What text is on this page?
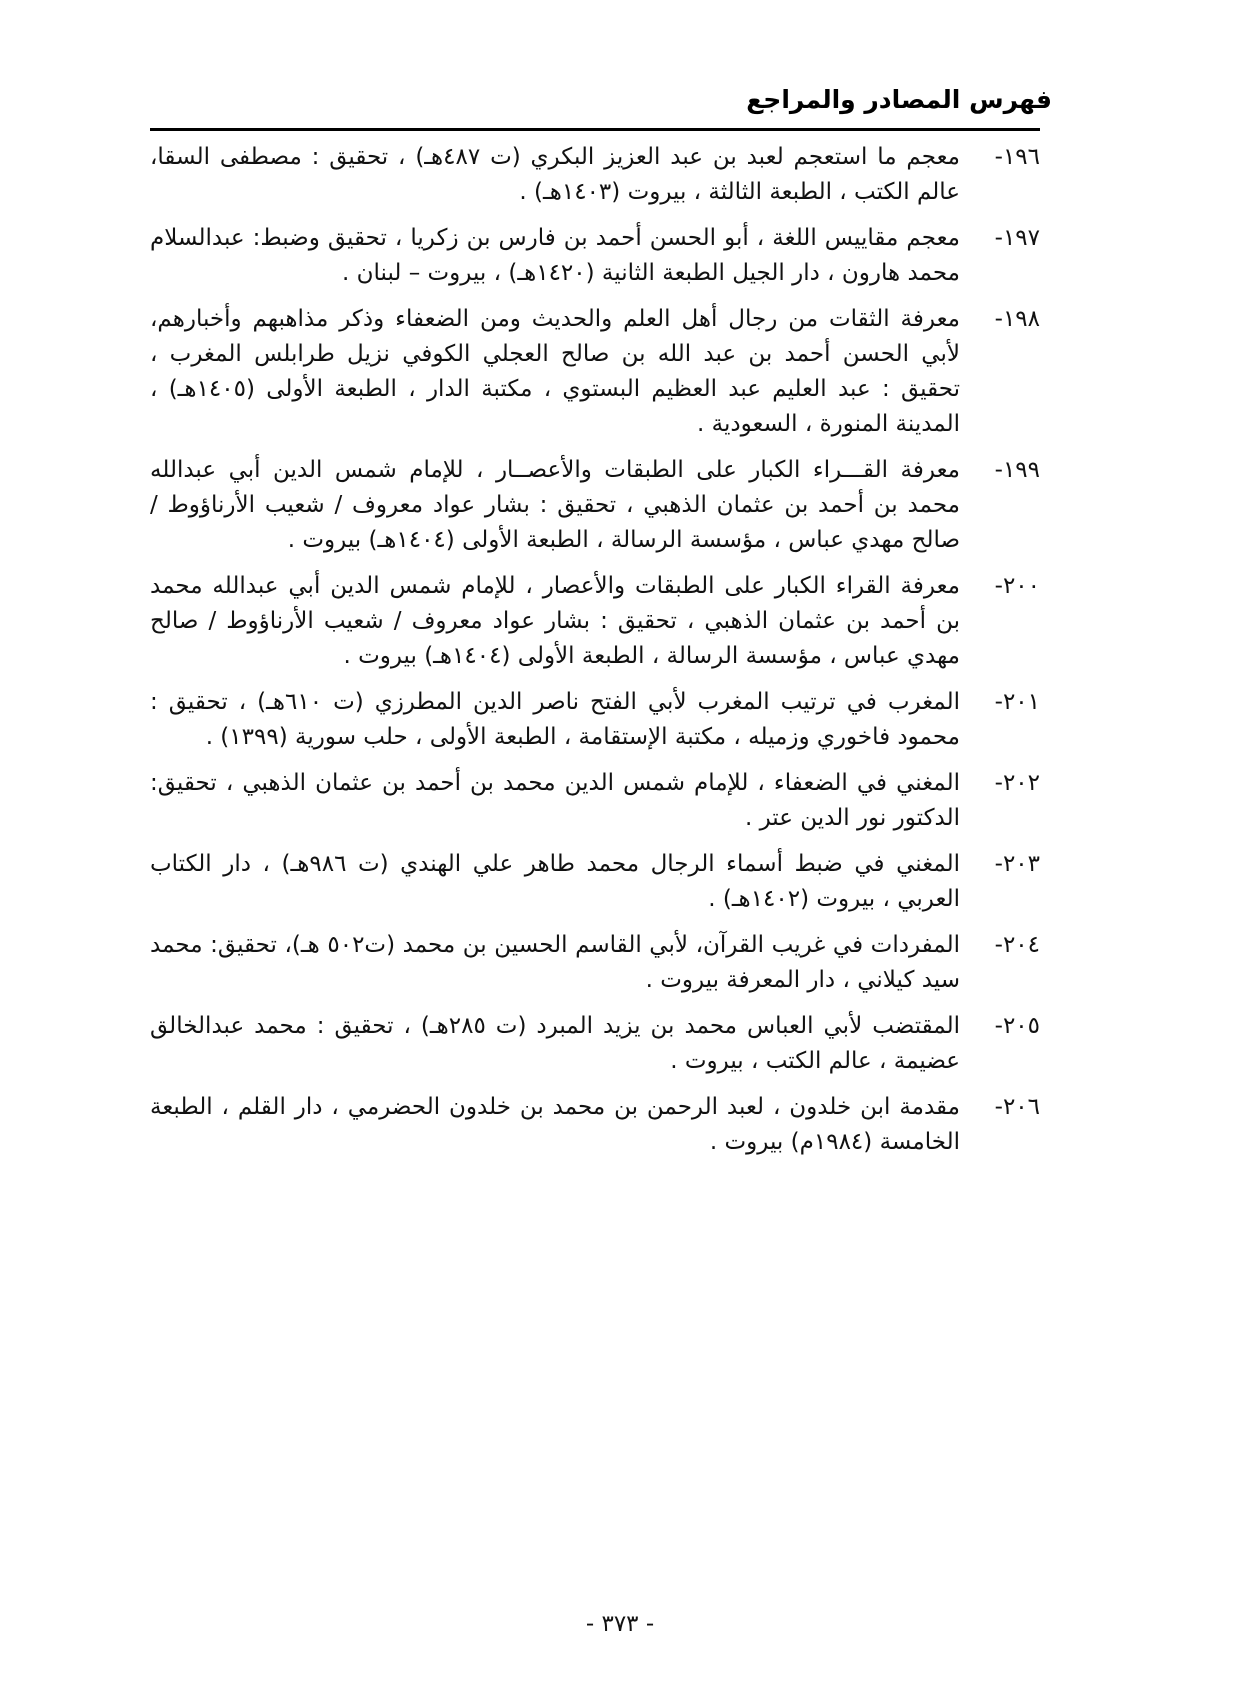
فهرس المصادر والمراجع
١٩٦-
معجم ما استعجم لعبد بن عبد العزيز البكري (ت ٤٨٧هـ) ، تحقيق : مصطفى السقا، عالم الكتب ، الطبعة الثالثة ، بيروت (١٤٠٣هـ) .
١٩٧-
معجم مقاييس اللغة ، أبو الحسن أحمد بن فارس بن زكريا ، تحقيق وضبط: عبدالسلام محمد هارون ، دار الجيل الطبعة الثانية (١٤٢٠هـ) ، بيروت – لبنان .
١٩٨-
معرفة الثقات من رجال أهل العلم والحديث ومن الضعفاء وذكر مذاهبهم وأخبارهم، لأبي الحسن أحمد بن عبد الله بن صالح العجلي الكوفي نزيل طرابلس المغرب ، تحقيق : عبد العليم عبد العظيم البستوي ، مكتبة الدار ، الطبعة الأولى (١٤٠٥هـ) ، المدينة المنورة ، السعودية .
١٩٩-
معرفة القـــراء الكبار على الطبقات والأعصــار ، للإمام شمس الدين أبي عبدالله محمد بن أحمد بن عثمان الذهبي ، تحقيق : بشار عواد معروف / شعيب الأرناؤوط / صالح مهدي عباس ، مؤسسة الرسالة ، الطبعة الأولى (١٤٠٤هـ) بيروت .
٢٠٠-
معرفة القراء الكبار على الطبقات والأعصار ، للإمام شمس الدين أبي عبدالله محمد بن أحمد بن عثمان الذهبي ، تحقيق : بشار عواد معروف / شعيب الأرناؤوط / صالح مهدي عباس ، مؤسسة الرسالة ، الطبعة الأولى (١٤٠٤هـ) بيروت .
٢٠١-
المغرب في ترتيب المغرب لأبي الفتح ناصر الدين المطرزي (ت ٦١٠هـ) ، تحقيق : محمود فاخوري وزميله ، مكتبة الإستقامة ، الطبعة الأولى ، حلب سورية (١٣٩٩) .
٢٠٢-
المغني في الضعفاء ، للإمام شمس الدين محمد بن أحمد بن عثمان الذهبي ، تحقيق: الدكتور نور الدين عتر .
٢٠٣-
المغني في ضبط أسماء الرجال محمد طاهر علي الهندي (ت ٩٨٦هـ) ، دار الكتاب العربي ، بيروت (١٤٠٢هـ) .
٢٠٤-
المفردات في غريب القرآن، لأبي القاسم الحسين بن محمد (ت٥٠٢ هـ)، تحقيق: محمد سيد كيلاني ، دار المعرفة بيروت .
٢٠٥-
المقتضب لأبي العباس محمد بن يزيد المبرد (ت ٢٨٥هـ) ، تحقيق : محمد عبدالخالق عضيمة ، عالم الكتب ، بيروت .
٢٠٦-
مقدمة ابن خلدون ، لعبد الرحمن بن محمد بن خلدون الحضرمي ، دار القلم ، الطبعة الخامسة (١٩٨٤م) بيروت .
- ٣٧٣ -
